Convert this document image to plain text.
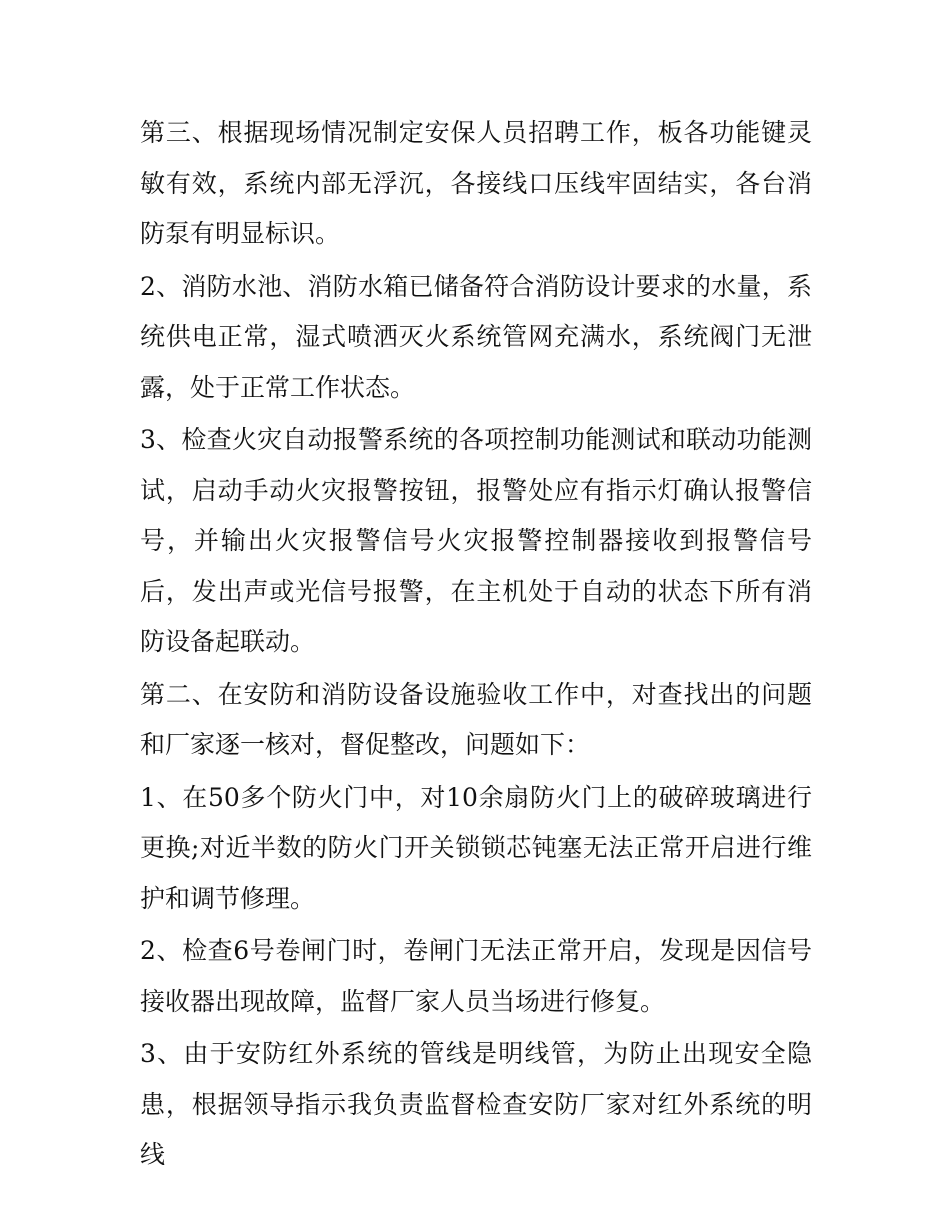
第三、根据现场情况制定安保人员招聘工作，板各功能键灵敏有效，系统内部无浮沉，各接线口压线牢固结实，各台消防泵有明显标识。

2、消防水池、消防水箱已储备符合消防设计要求的水量，系统供电正常，湿式喷洒灭火系统管网充满水，系统阀门无泄露，处于正常工作状态。

3、检查火灾自动报警系统的各项控制功能测试和联动功能测试，启动手动火灾报警按钮，报警处应有指示灯确认报警信号，并输出火灾报警信号火灾报警控制器接收到报警信号后，发出声或光信号报警，在主机处于自动的状态下所有消防设备起联动。

第二、在安防和消防设备设施验收工作中，对查找出的问题和厂家逐一核对，督促整改，问题如下：

1、在50多个防火门中，对10余扇防火门上的破碎玻璃进行更换;对近半数的防火门开关锁锁芯钝塞无法正常开启进行维护和调节修理。

2、检查6号卷闸门时，卷闸门无法正常开启，发现是因信号接收器出现故障，监督厂家人员当场进行修复。

3、由于安防红外系统的管线是明线管，为防止出现安全隐患，根据领导指示我负责监督检查安防厂家对红外系统的明线
